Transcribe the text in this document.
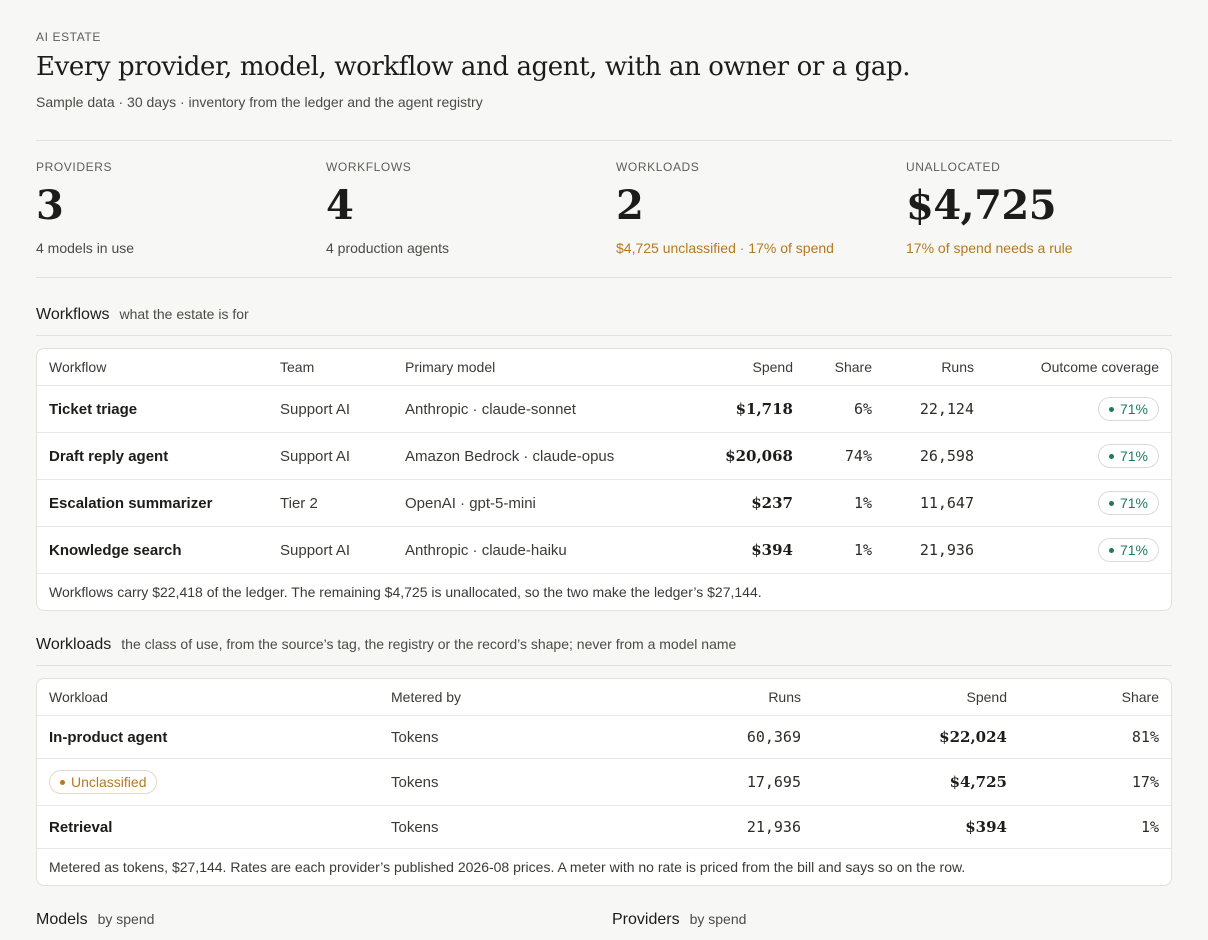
AI ESTATE
Every provider, model, workflow and agent, with an owner or a gap.
Sample data · 30 days · inventory from the ledger and the agent registry
PROVIDERS
3
4 models in use
WORKFLOWS
4
4 production agents
WORKLOADS
2
$4,725 unclassified · 17% of spend
UNALLOCATED
$4,725
17% of spend needs a rule
Workflows what the estate is for
Workflow	Team	Primary model	Spend	Share	Runs	Outcome coverage
Ticket triage	Support AI	Anthropic · claude-sonnet	$1,718	6%	22,124	71%
Draft reply agent	Support AI	Amazon Bedrock · claude-opus	$20,068	74%	26,598	71%
Escalation summarizer	Tier 2	OpenAI · gpt-5-mini	$237	1%	11,647	71%
Knowledge search	Support AI	Anthropic · claude-haiku	$394	1%	21,936	71%
Workflows carry $22,418 of the ledger. The remaining $4,725 is unallocated, so the two make the ledger’s $27,144.
Workloads the class of use, from the source’s tag, the registry or the record’s shape; never from a model name
Workload	Metered by	Runs	Spend	Share
In-product agent	Tokens	60,369	$22,024	81%
Unclassified	Tokens	17,695	$4,725	17%
Retrieval	Tokens	21,936	$394	1%
Metered as tokens, $27,144. Rates are each provider’s published 2026-08 prices. A meter with no rate is priced from the bill and says so on the row.
Models by spend	Providers by spend
